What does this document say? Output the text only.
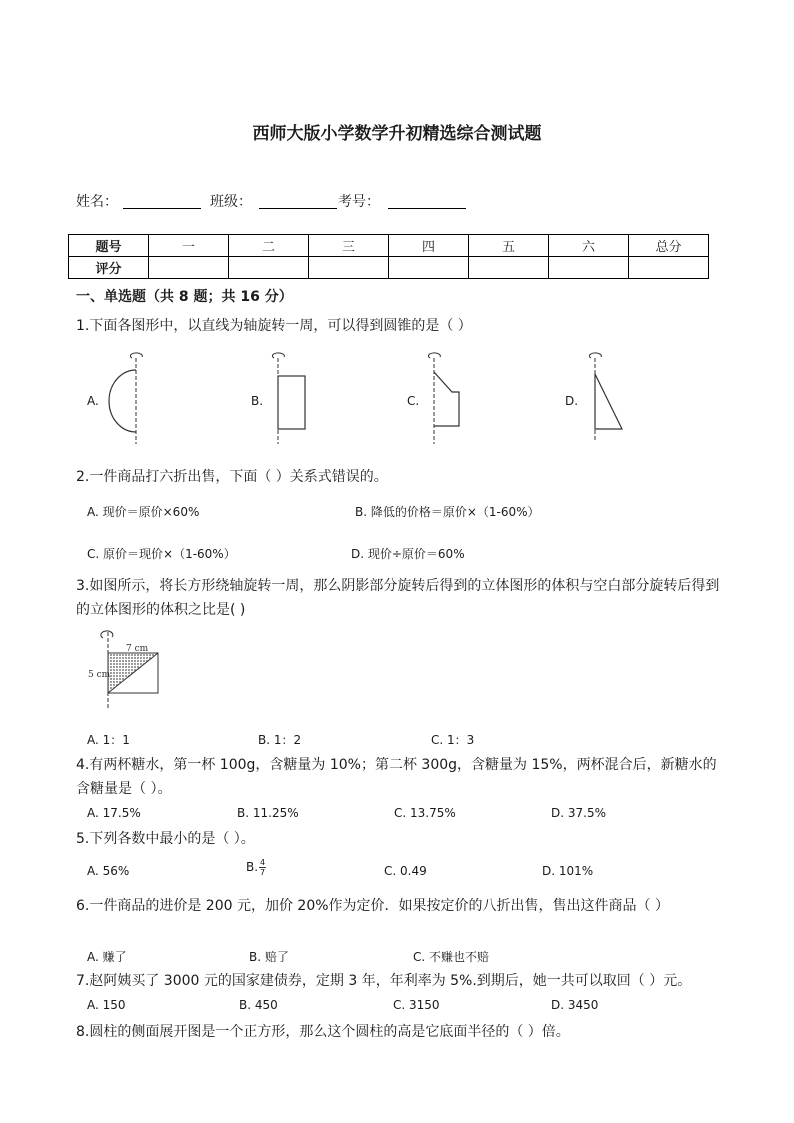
西师大版小学数学升初精选综合测试题
姓名：	班级：	考号：
题号	一	二	三	四	五	六	总分
评分							
一、单选题（共 8 题；共 16 分）
1.下面各图形中，以直线为轴旋转一周，可以得到圆锥的是（ ）
A.	B.	C.	D.
2.一件商品打六折出售，下面（ ）关系式错误的。
A. 现价＝原价×60%	B. 降低的价格＝原价×（1-60%）
C. 原价＝现价×（1-60%）	D. 现价÷原价＝60%
3.如图所示，将长方形绕轴旋转一周，那么阴影部分旋转后得到的立体图形的体积与空白部分旋转后得到的立体图形的体积之比是( )
7 cm
5 cm
A. 1：1	B. 1：2	C. 1：3
4.有两杯糖水，第一杯 100g，含糖量为 10%；第二杯 300g，含糖量为 15%，两杯混合后，新糖水的含糖量是（ ）。
A. 17.5%	B. 11.25%	C. 13.75%	D. 37.5%
5.下列各数中最小的是（ ）。
A. 56%	B. $\frac{4}{7}$	C. 0.49	D. 101%
6.一件商品的进价是 200 元，加价 20%作为定价．如果按定价的八折出售，售出这件商品（ ）
A. 赚了	B. 赔了	C. 不赚也不赔
7.赵阿姨买了 3000 元的国家建债券，定期 3 年，年利率为 5%.到期后，她一共可以取回（ ）元。
A. 150	B. 450	C. 3150	D. 3450
8.圆柱的侧面展开图是一个正方形，那么这个圆柱的高是它底面半径的（ ）倍。
